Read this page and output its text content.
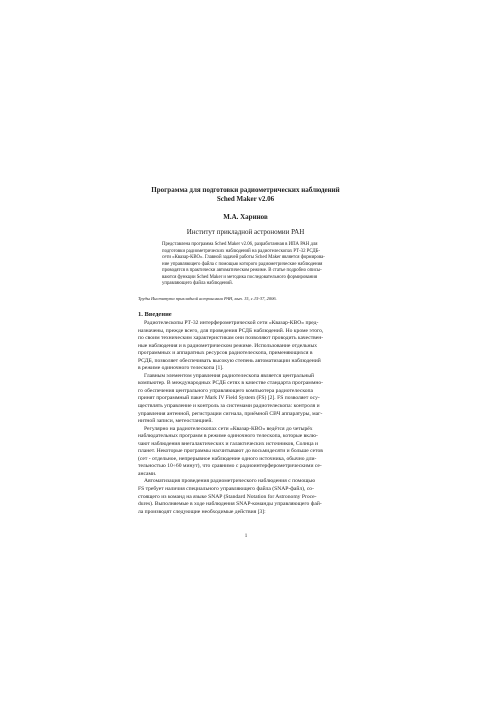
Программа для подготовки радиометрических наблюдений
Sched Maker v2.06
М.А. Харинов
Институт прикладной астрономии РАН
Представлена программа Sched Maker v2.06, разработанная в ИПА РАН для
подготовки радиометрических наблюдений на радиотелескопах РТ-32 РСДБ-
сети «Квазар-КВО». Главной задачей работы Sched Maker является формирова-
ние управляющего файла с помощью которого радиометрические наблюдения
проводятся в практически автоматическом режиме. В статье подробно описы-
ваются функции Sched Maker и методика последовательного формирования
управляющего файла наблюдений.
Труды Института прикладной астрономии РАН, вып. 15, с.15-37, 2006.
1. Введение
Радиотелескопы РТ-32 интерферометрической сети «Квазар-КВО» пред-
назначены, прежде всего, для проведения РСДБ наблюдений. Но кроме этого,
по своим техническим характеристикам они позволяют проводить качествен-
ные наблюдения и в радиометрическом режиме. Использование отдельных
программных и аппаратных ресурсов радиотелескопа, применяющихся в
РСДБ, позволяет обеспечивать высокую степень автоматизации наблюдений
в режиме одиночного телескопа [1].
Главным элементом управления радиотелескопа является центральный
компьютер. В международных РСДБ сетях в качестве стандарта программно-
го обеспечения центрального управляющего компьютера радиотелескопа
принят программный пакет Mark IV Field System (FS) [2]. FS позволяет осу-
ществлять управление и контроль за системами радиотелескопа: контроля и
управления антенной, регистрации сигнала, приёмной СВЧ аппаратуры, маг-
нитной записи, метеостанцией.
Регулярно на радиотелескопах сети «Квазар-КВО» ведётся до четырёх
наблюдательных программ в режиме одиночного телескопа, которые вклю-
чают наблюдения внегалактических и галактических источников, Солнца и
планет. Некоторые программы насчитывают до восьмидесяти и больше сетов
(сет - отдельное, непрерывное наблюдение одного источника, обычно дли-
тельностью 10÷60 минут), что сравнимо с радиоинтерферометрическими се-
ансами.
Автоматизация проведения радиометрического наблюдения с помощью
FS требует наличия специального управляющего файла (SNAP-файл), со-
стоящего из команд на языке SNAP (Standard Notation for Astronomy Proce-
dures). Выполняемые в ходе наблюдения SNAP-команды управляющего фай-
ла производят следующие необходимые действия [3]:
1
